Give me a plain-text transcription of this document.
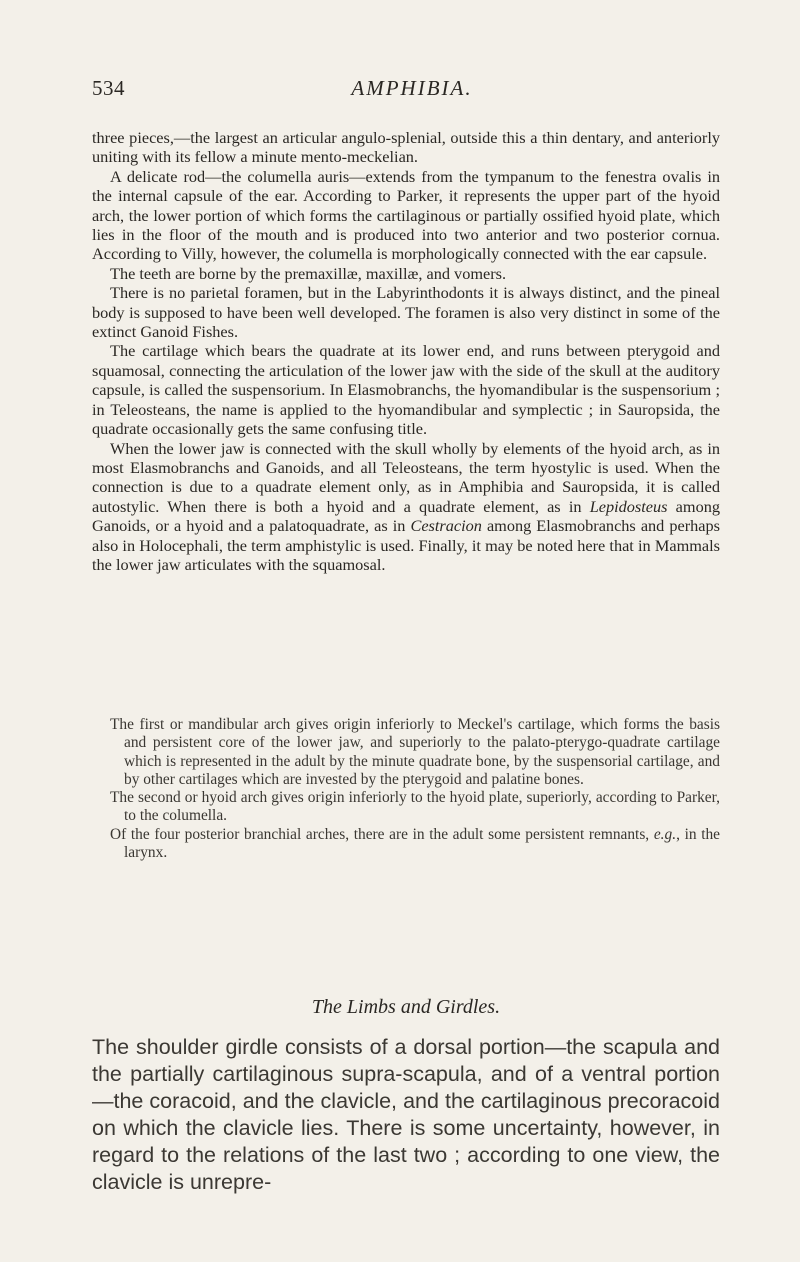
534	AMPHIBIA.

three pieces,—the largest an articular angulo-splenial, outside this a thin dentary, and anteriorly uniting with its fellow a minute mento-meckelian.

A delicate rod—the columella auris—extends from the tympanum to the fenestra ovalis in the internal capsule of the ear. According to Parker, it represents the upper part of the hyoid arch, the lower portion of which forms the cartilaginous or partially ossified hyoid plate, which lies in the floor of the mouth and is produced into two anterior and two posterior cornua. According to Villy, however, the columella is morphologically connected with the ear capsule.

The teeth are borne by the premaxillæ, maxillæ, and vomers.

There is no parietal foramen, but in the Labyrinthodonts it is always distinct, and the pineal body is supposed to have been well developed. The foramen is also very distinct in some of the extinct Ganoid Fishes.

The cartilage which bears the quadrate at its lower end, and runs between pterygoid and squamosal, connecting the articulation of the lower jaw with the side of the skull at the auditory capsule, is called the suspensorium. In Elasmobranchs, the hyomandibular is the suspensorium ; in Teleosteans, the name is applied to the hyomandibular and symplectic ; in Sauropsida, the quadrate occasionally gets the same confusing title.

When the lower jaw is connected with the skull wholly by elements of the hyoid arch, as in most Elasmobranchs and Ganoids, and all Teleosteans, the term hyostylic is used. When the connection is due to a quadrate element only, as in Amphibia and Sauropsida, it is called autostylic. When there is both a hyoid and a quadrate element, as in Lepidosteus among Ganoids, or a hyoid and a palatoquadrate, as in Cestracion among Elasmobranchs and perhaps also in Holocephali, the term amphistylic is used. Finally, it may be noted here that in Mammals the lower jaw articulates with the squamosal.

The first or mandibular arch gives origin inferiorly to Meckel's cartilage, which forms the basis and persistent core of the lower jaw, and superiorly to the palato-pterygo-quadrate cartilage which is represented in the adult by the minute quadrate bone, by the suspensorial cartilage, and by other cartilages which are invested by the pterygoid and palatine bones.

The second or hyoid arch gives origin inferiorly to the hyoid plate, superiorly, according to Parker, to the columella.

Of the four posterior branchial arches, there are in the adult some persistent remnants, e.g., in the larynx.

The Limbs and Girdles.

The shoulder girdle consists of a dorsal portion—the scapula and the partially cartilaginous supra-scapula, and of a ventral portion—the coracoid, and the clavicle, and the cartilaginous precoracoid on which the clavicle lies. There is some uncertainty, however, in regard to the relations of the last two ; according to one view, the clavicle is unrepre-
